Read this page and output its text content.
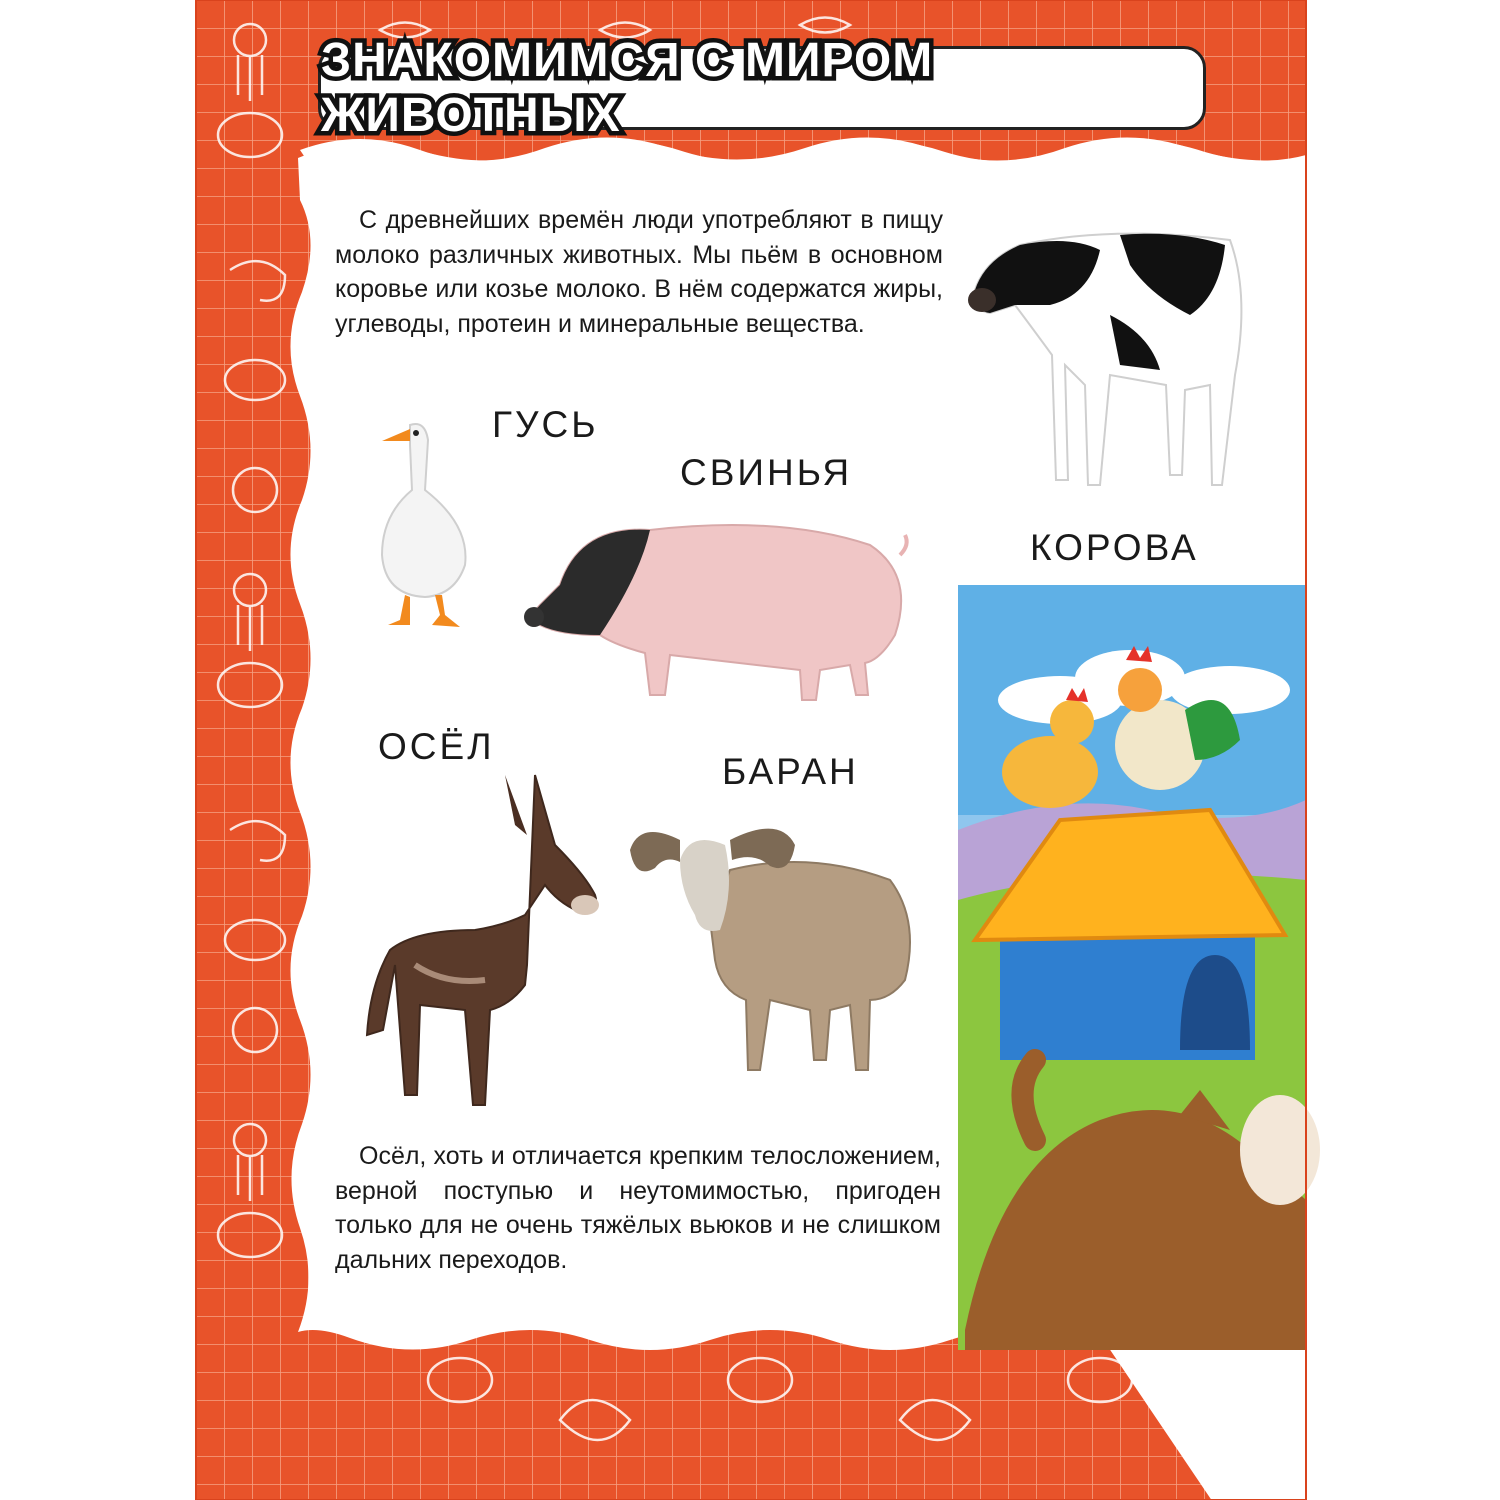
ЗНАКОМИМСЯ С МИРОМ ЖИВОТНЫХ

С древнейших времён люди употребляют в пищу молоко различных животных. Мы пьём в основном коровье или козье молоко. В нём содержатся жиры, углеводы, протеин и минеральные вещества.

ГУСЬ
СВИНЬЯ
КОРОВА
ОСЁЛ
БАРАН

Осёл, хоть и отличается крепким телосложением, верной поступью и неутомимостью, пригоден только для не очень тяжёлых вьюков и не слишком дальних переходов.
